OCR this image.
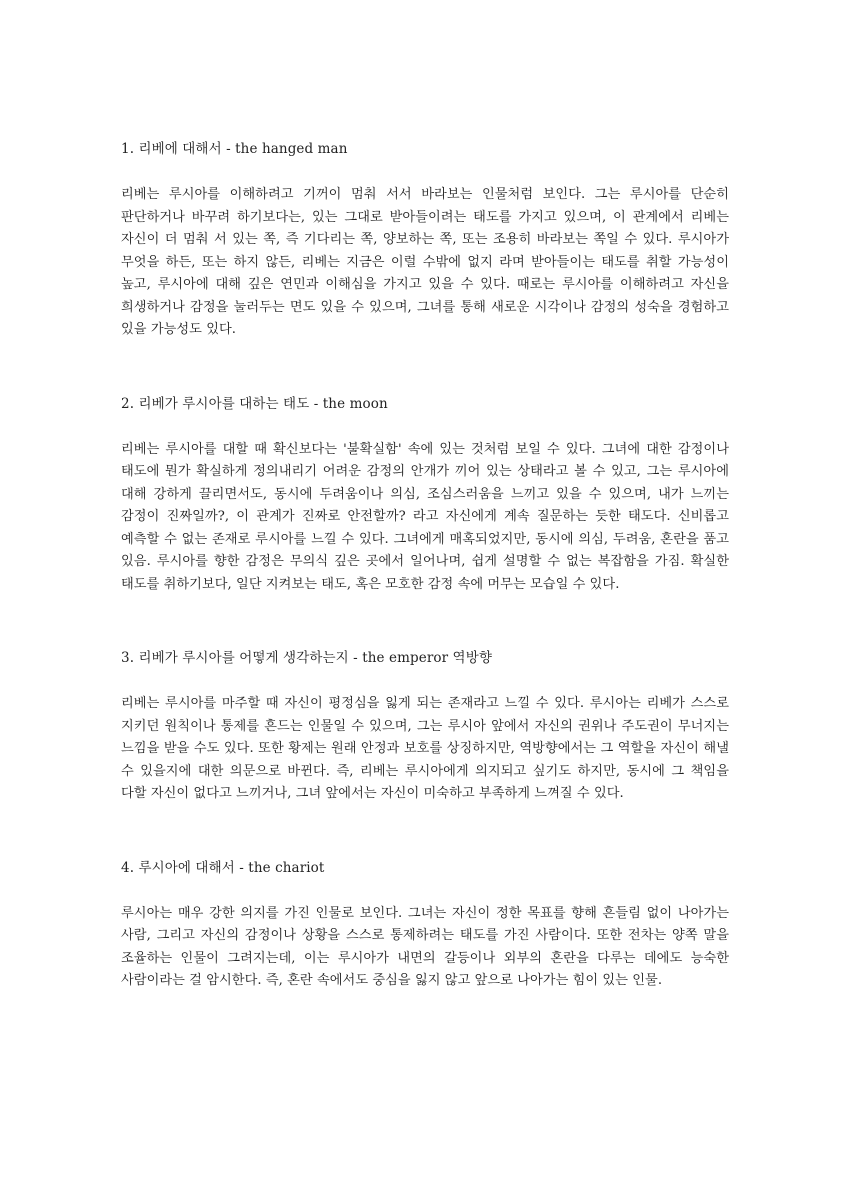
1. 리베에 대해서 - the hanged man

리베는 루시아를 이해하려고 기꺼이 멈춰 서서 바라보는 인물처럼 보인다. 그는 루시아를 단순히 판단하거나 바꾸려 하기보다는, 있는 그대로 받아들이려는 태도를 가지고 있으며, 이 관계에서 리베는 자신이 더 멈춰 서 있는 쪽, 즉 기다리는 쪽, 양보하는 쪽, 또는 조용히 바라보는 쪽일 수 있다. 루시아가 무엇을 하든, 또는 하지 않든, 리베는 지금은 이럴 수밖에 없지 라며 받아들이는 태도를 취할 가능성이 높고, 루시아에 대해 깊은 연민과 이해심을 가지고 있을 수 있다. 때로는 루시아를 이해하려고 자신을 희생하거나 감정을 눌러두는 면도 있을 수 있으며, 그녀를 통해 새로운 시각이나 감정의 성숙을 경험하고 있을 가능성도 있다.

2. 리베가 루시아를 대하는 태도 - the moon

리베는 루시아를 대할 때 확신보다는 '불확실함' 속에 있는 것처럼 보일 수 있다. 그녀에 대한 감정이나 태도에 뭔가 확실하게 정의내리기 어려운 감정의 안개가 끼어 있는 상태라고 볼 수 있고, 그는 루시아에 대해 강하게 끌리면서도, 동시에 두려움이나 의심, 조심스러움을 느끼고 있을 수 있으며, 내가 느끼는 감정이 진짜일까?, 이 관계가 진짜로 안전할까? 라고 자신에게 계속 질문하는 듯한 태도다. 신비롭고 예측할 수 없는 존재로 루시아를 느낄 수 있다. 그녀에게 매혹되었지만, 동시에 의심, 두려움, 혼란을 품고 있음. 루시아를 향한 감정은 무의식 깊은 곳에서 일어나며, 쉽게 설명할 수 없는 복잡함을 가짐. 확실한 태도를 취하기보다, 일단 지켜보는 태도, 혹은 모호한 감정 속에 머무는 모습일 수 있다.

3. 리베가 루시아를 어떻게 생각하는지 - the emperor 역방향

리베는 루시아를 마주할 때 자신이 평정심을 잃게 되는 존재라고 느낄 수 있다. 루시아는 리베가 스스로 지키던 원칙이나 통제를 흔드는 인물일 수 있으며, 그는 루시아 앞에서 자신의 권위나 주도권이 무너지는 느낌을 받을 수도 있다. 또한 황제는 원래 안정과 보호를 상징하지만, 역방향에서는 그 역할을 자신이 해낼 수 있을지에 대한 의문으로 바뀐다. 즉, 리베는 루시아에게 의지되고 싶기도 하지만, 동시에 그 책임을 다할 자신이 없다고 느끼거나, 그녀 앞에서는 자신이 미숙하고 부족하게 느껴질 수 있다.

4. 루시아에 대해서 - the chariot

루시아는 매우 강한 의지를 가진 인물로 보인다. 그녀는 자신이 정한 목표를 향해 흔들림 없이 나아가는 사람, 그리고 자신의 감정이나 상황을 스스로 통제하려는 태도를 가진 사람이다. 또한 전차는 양쪽 말을 조율하는 인물이 그려지는데, 이는 루시아가 내면의 갈등이나 외부의 혼란을 다루는 데에도 능숙한 사람이라는 걸 암시한다. 즉, 혼란 속에서도 중심을 잃지 않고 앞으로 나아가는 힘이 있는 인물.
